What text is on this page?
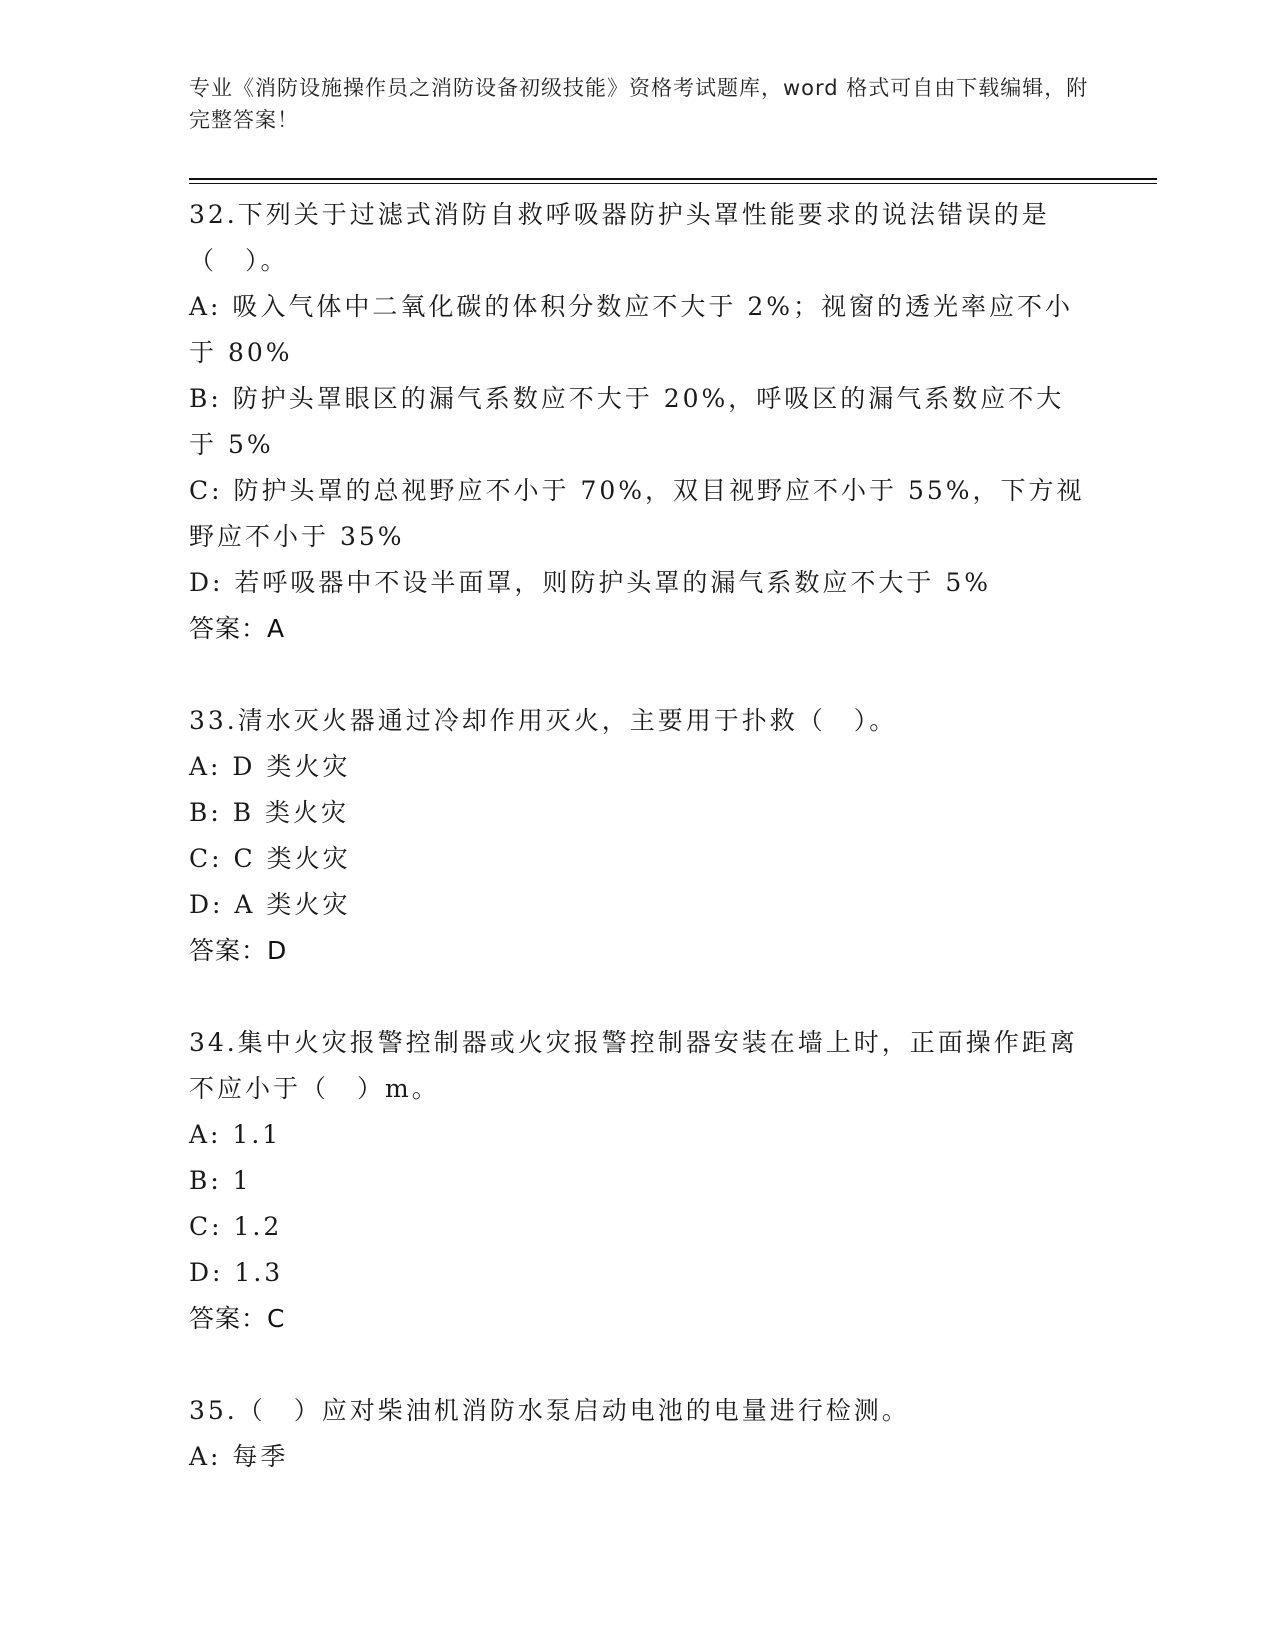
专业《消防设施操作员之消防设备初级技能》资格考试题库，word 格式可自由下载编辑，附完整答案！

32.下列关于过滤式消防自救呼吸器防护头罩性能要求的说法错误的是（　）。

A: 吸入气体中二氧化碳的体积分数应不大于 2%；视窗的透光率应不小于 80%

B: 防护头罩眼区的漏气系数应不大于 20%，呼吸区的漏气系数应不大于 5%

C: 防护头罩的总视野应不小于 70%，双目视野应不小于 55%，下方视野应不小于 35%

D: 若呼吸器中不设半面罩，则防护头罩的漏气系数应不大于 5%

答案：A

33.清水灭火器通过冷却作用灭火，主要用于扑救（　）。

A: D 类火灾

B: B 类火灾

C: C 类火灾

D: A 类火灾

答案：D

34.集中火灾报警控制器或火灾报警控制器安装在墙上时，正面操作距离不应小于（　）m。

A: 1.1

B: 1

C: 1.2

D: 1.3

答案：C

35.（　）应对柴油机消防水泵启动电池的电量进行检测。

A: 每季
